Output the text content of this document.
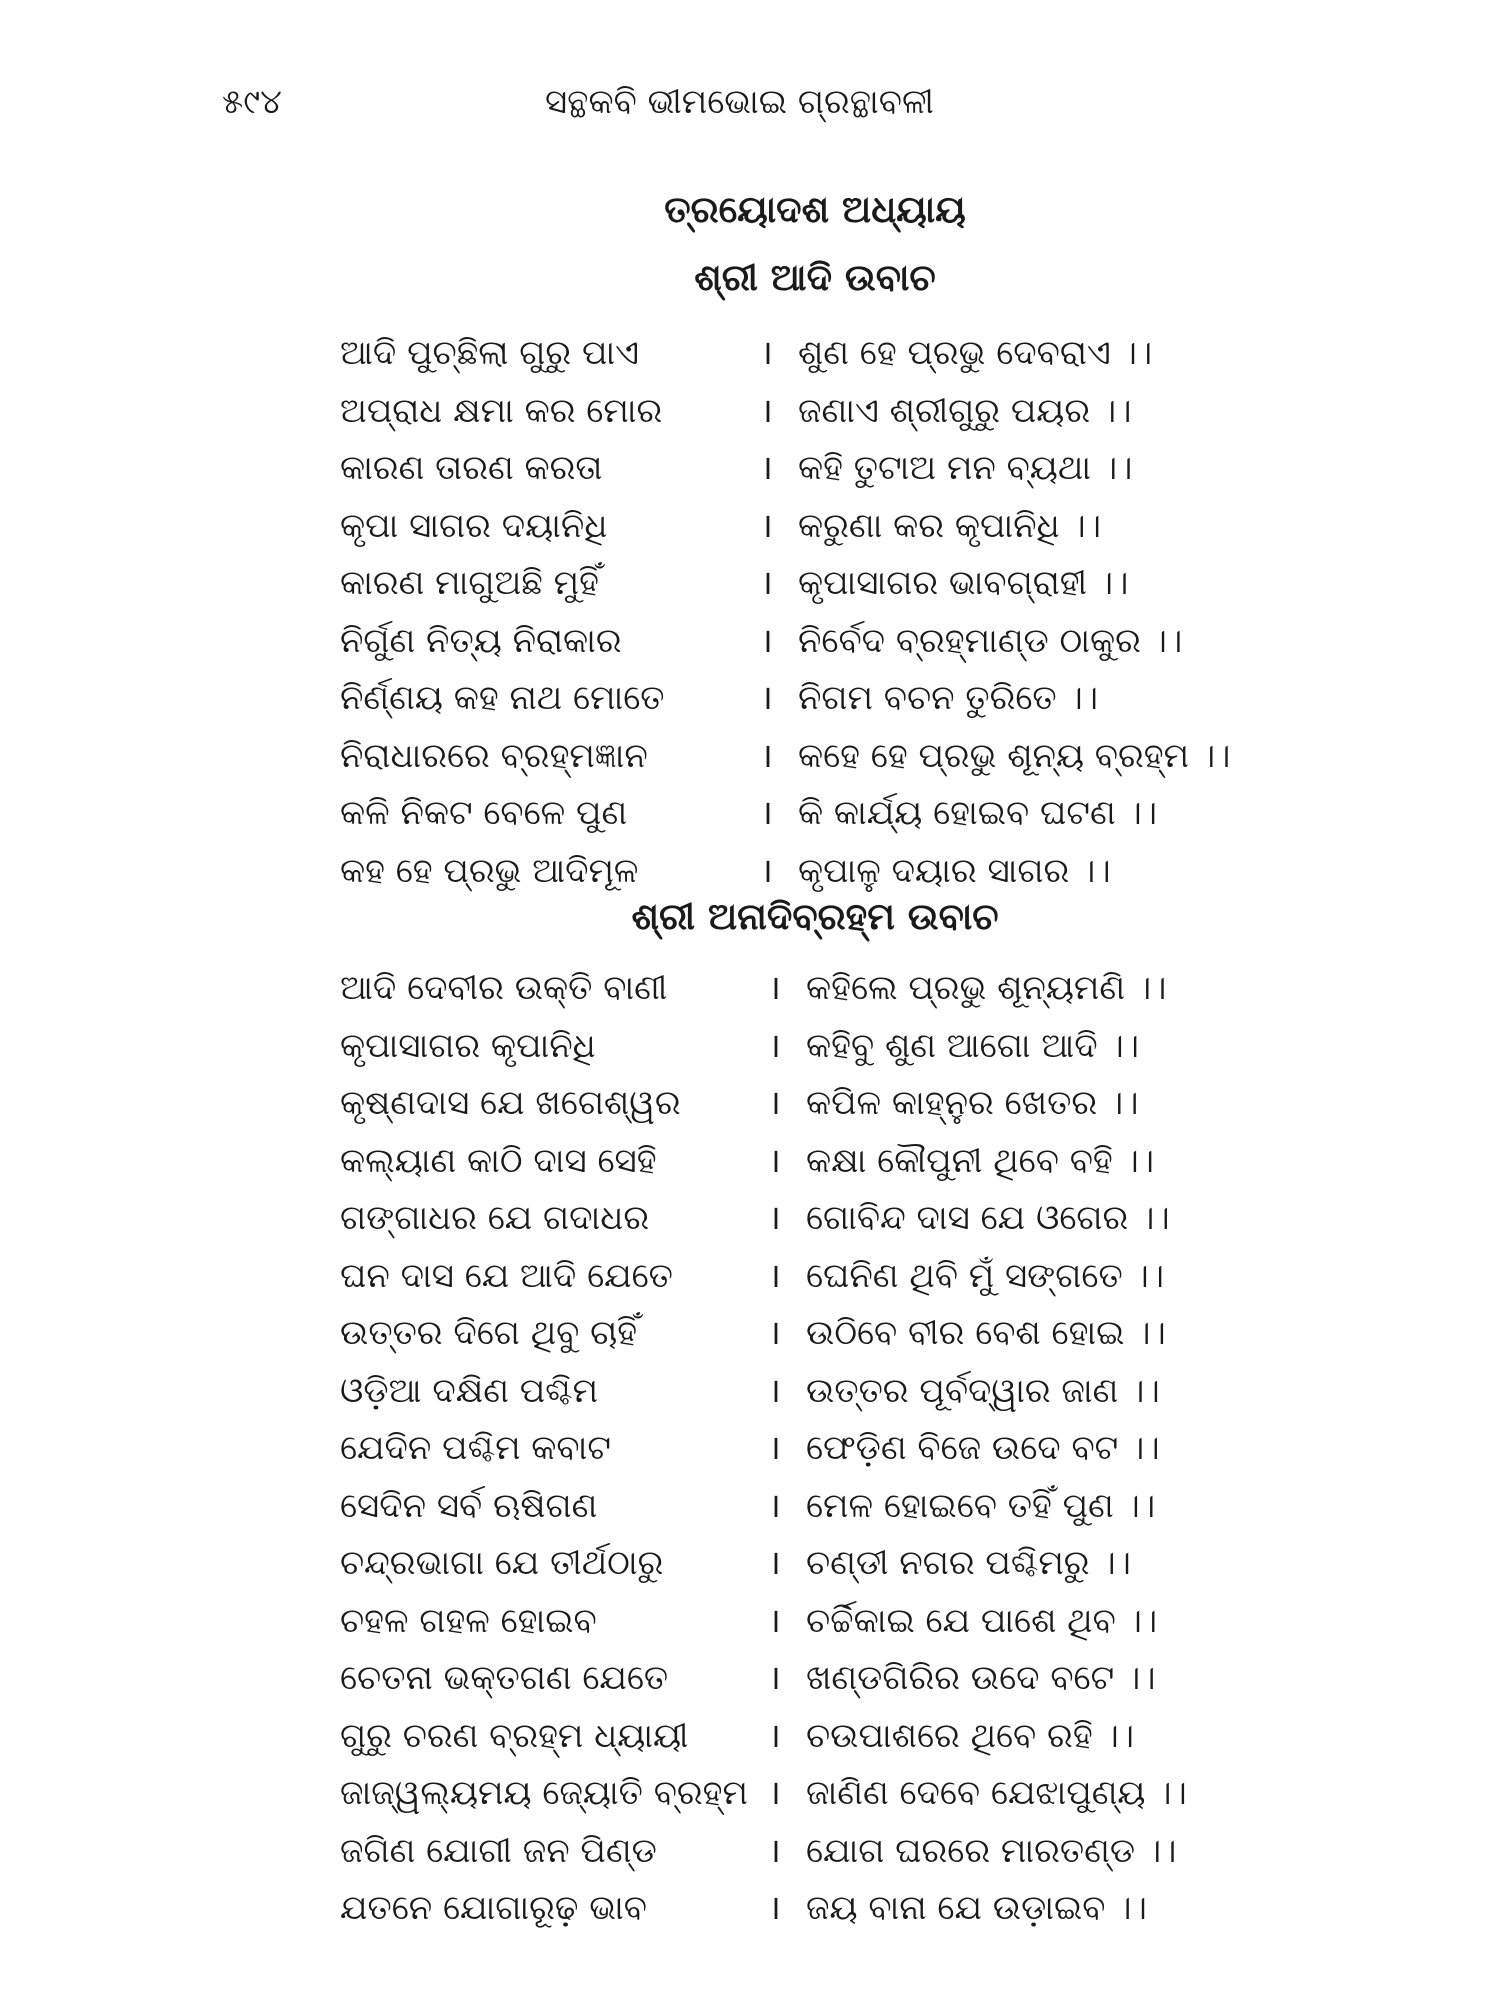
୫୯୪	ସନ୍ଥକବି ଭୀମଭୋଇ ଗ୍ରନ୍ଥାବଳୀ
ତ୍ରୟୋଦଶ ଅଧ୍ୟାୟ
ଶ୍ରୀ ଆଦି ଉବାଚ
ଆଦି ପୁଚ୍ଛିଲା ଗୁରୁ ପାଏ	। ଶୁଣ ହେ ପ୍ରଭୁ ଦେବରାଏ ।।
ଅପ୍ରାଧ କ୍ଷମା କର ମୋର	। ଜଣାଏ ଶ୍ରୀଗୁରୁ ପୟର ।।
କାରଣ ତାରଣ କରତା	। କହି ତୁଟାଅ ମନ ବ୍ୟଥା ।।
କୃପା ସାଗର ଦୟାନିଧି	। କରୁଣା କର କୃପାନିଧି ।।
କାରଣ ମାଗୁଅଛି ମୁହିଁ	। କୃପାସାଗର ଭାବଗ୍ରାହୀ ।।
ନିର୍ଗୁଣ ନିତ୍ୟ ନିରାକାର	। ନିର୍ବେଦ ବ୍ରହ୍ମାଣ୍ଡ ଠାକୁର ।।
ନିର୍ଣ୍ଣୟ କହ ନାଥ ମୋତେ	। ନିଗମ ବଚନ ତୁରିତେ ।।
ନିରାଧାରରେ ବ୍ରହ୍ମଜ୍ଞାନ	। କହେ ହେ ପ୍ରଭୁ ଶୂନ୍ୟ ବ୍ରହ୍ମ ।।
କଳି ନିକଟ ବେଳେ ପୁଣ	। କି କାର୍ଯ୍ୟ ହୋଇବ ଘଟଣ ।।
କହ ହେ ପ୍ରଭୁ ଆଦିମୂଳ	। କୃପାଳୁ ଦୟାର ସାଗର ।।
ଶ୍ରୀ ଅନାଦିବ୍ରହ୍ମ ଉବାଚ
ଆଦି ଦେବୀର ଉକ୍ତି ବାଣୀ	। କହିଲେ ପ୍ରଭୁ ଶୂନ୍ୟମଣି ।।
କୃପାସାଗର କୃପାନିଧି	। କହିବୁ ଶୁଣ ଆଗୋ ଆଦି ।।
କୃଷ୍ଣଦାସ ଯେ ଖଗେଶ୍ୱର	। କପିଳ କାହ୍ନୁର ଖେତର ।।
କଲ୍ୟାଣ କାଠି ଦାସ ସେହି	। କକ୍ଷା କୌପୁନୀ ଥିବେ ବହି ।।
ଗଙ୍ଗାଧର ଯେ ଗଦାଧର	। ଗୋବିନ୍ଦ ଦାସ ଯେ ଓଗେର ।।
ଘନ ଦାସ ଯେ ଆଦି ଯେତେ	। ଘେନିଣ ଥିବି ମୁଁ ସଙ୍ଗତେ ।।
ଉତ୍ତର ଦିଗେ ଥିବୁ ଚାହିଁ	। ଉଠିବେ ବୀର ବେଶ ହୋଇ ।।
ଓଡ଼ିଆ ଦକ୍ଷିଣ ପଶ୍ଚିମ	। ଉତ୍ତର ପୂର୍ବଦ୍ୱାର ଜାଣ ।।
ଯେଦିନ ପଶ୍ଚିମ କବାଟ	। ଫେଡ଼ିଣ ବିଜେ ଉଦେ ବଟ ।।
ସେଦିନ ସର୍ବ ଋଷିଗଣ	। ମେଳ ହୋଇବେ ତହିଁ ପୁଣ ।।
ଚନ୍ଦ୍ରଭାଗା ଯେ ତୀର୍ଥଠାରୁ	। ଚଣ୍ଡୀ ନଗର ପଶ୍ଚିମରୁ ।।
ଚହଳ ଗହଳ ହୋଇବ	। ଚର୍ଚ୍ଚିକାଇ ଯେ ପାଶେ ଥିବ ।।
ଚେତନା ଭକ୍ତଗଣ ଯେତେ	। ଖଣ୍ଡଗିରିର ଉଦେ ବଟେ ।।
ଗୁରୁ ଚରଣ ବ୍ରହ୍ମ ଧ୍ୟାୟୀ । ଚଉପାଶରେ ଥିବେ ରହି ।।
ଜାଜ୍ୱଲ୍ୟମୟ ଜ୍ୟୋତି ବ୍ରହ୍ମ । ଜାଣିଣ ଦେବେ ଯେଝାପୁଣ୍ୟ ।।
ଜଗିଣ ଯୋଗୀ ଜନ ପିଣ୍ଡ	। ଯୋଗ ଘରରେ ମାରତଣ୍ଡ ।।
ଯତନେ ଯୋଗାରୂଢ଼ ଭାବ	। ଜୟ ବାନା ଯେ ଉଡ଼ାଇବ ।।
